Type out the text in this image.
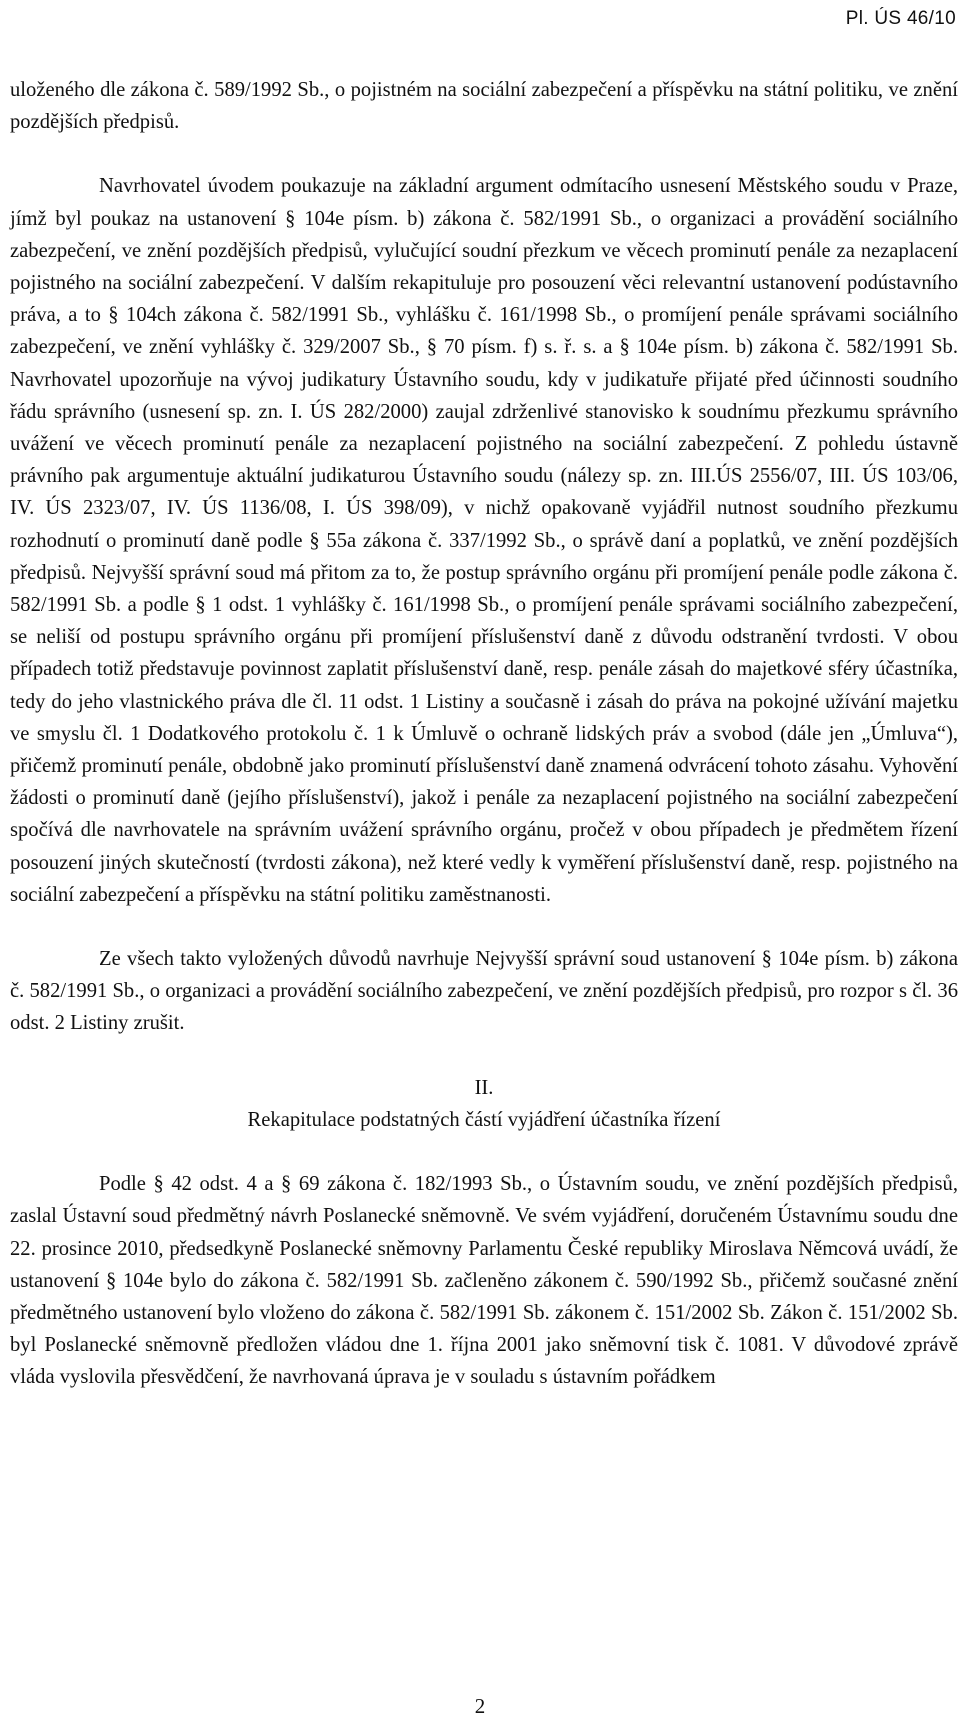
Pl. ÚS 46/10

uloženého dle zákona č. 589/1992 Sb., o pojistném na sociální zabezpečení a příspěvku na státní politiku, ve znění pozdějších předpisů.

Navrhovatel úvodem poukazuje na základní argument odmítacího usnesení Městského soudu v Praze, jímž byl poukaz na ustanovení § 104e písm. b) zákona č. 582/1991 Sb., o organizaci a provádění sociálního zabezpečení, ve znění pozdějších předpisů, vylučující soudní přezkum ve věcech prominutí penále za nezaplacení pojistného na sociální zabezpečení. V dalším rekapituluje pro posouzení věci relevantní ustanovení podústavního práva, a to § 104ch zákona č. 582/1991 Sb., vyhlášku č. 161/1998 Sb., o promíjení penále správami sociálního zabezpečení, ve znění vyhlášky č. 329/2007 Sb., § 70 písm. f) s. ř. s. a § 104e písm. b) zákona č. 582/1991 Sb. Navrhovatel upozorňuje na vývoj judikatury Ústavního soudu, kdy v judikatuře přijaté před účinnosti soudního řádu správního (usnesení sp. zn. I. ÚS 282/2000) zaujal zdrženlivé stanovisko k soudnímu přezkumu správního uvážení ve věcech prominutí penále za nezaplacení pojistného na sociální zabezpečení. Z pohledu ústavně právního pak argumentuje aktuální judikaturou Ústavního soudu (nálezy sp. zn. III.ÚS 2556/07, III. ÚS 103/06, IV. ÚS 2323/07, IV. ÚS 1136/08, I. ÚS 398/09), v nichž opakovaně vyjádřil nutnost soudního přezkumu rozhodnutí o prominutí daně podle § 55a zákona č. 337/1992 Sb., o správě daní a poplatků, ve znění pozdějších předpisů. Nejvyšší správní soud má přitom za to, že postup správního orgánu při promíjení penále podle zákona č. 582/1991 Sb. a podle § 1 odst. 1 vyhlášky č. 161/1998 Sb., o promíjení penále správami sociálního zabezpečení, se neliší od postupu správního orgánu při promíjení příslušenství daně z důvodu odstranění tvrdosti. V obou případech totiž představuje povinnost zaplatit příslušenství daně, resp. penále zásah do majetkové sféry účastníka, tedy do jeho vlastnického práva dle čl. 11 odst. 1 Listiny a současně i zásah do práva na pokojné užívání majetku ve smyslu čl. 1 Dodatkového protokolu č. 1 k Úmluvě o ochraně lidských práv a svobod (dále jen „Úmluva“), přičemž prominutí penále, obdobně jako prominutí příslušenství daně znamená odvrácení tohoto zásahu. Vyhovění žádosti o prominutí daně (jejího příslušenství), jakož i penále za nezaplacení pojistného na sociální zabezpečení spočívá dle navrhovatele na správním uvážení správního orgánu, pročež v obou případech je předmětem řízení posouzení jiných skutečností (tvrdosti zákona), než které vedly k vyměření příslušenství daně, resp. pojistného na sociální zabezpečení a příspěvku na státní politiku zaměstnanosti.

Ze všech takto vyložených důvodů navrhuje Nejvyšší správní soud ustanovení § 104e písm. b) zákona č. 582/1991 Sb., o organizaci a provádění sociálního zabezpečení, ve znění pozdějších předpisů, pro rozpor s čl. 36 odst. 2 Listiny zrušit.

II.

Rekapitulace podstatných částí vyjádření účastníka řízení

Podle § 42 odst. 4 a § 69 zákona č. 182/1993 Sb., o Ústavním soudu, ve znění pozdějších předpisů, zaslal Ústavní soud předmětný návrh Poslanecké sněmovně. Ve svém vyjádření, doručeném Ústavnímu soudu dne 22. prosince 2010, předsedkyně Poslanecké sněmovny Parlamentu České republiky Miroslava Němcová uvádí, že ustanovení § 104e bylo do zákona č. 582/1991 Sb. začleněno zákonem č. 590/1992 Sb., přičemž současné znění předmětného ustanovení bylo vloženo do zákona č. 582/1991 Sb. zákonem č. 151/2002 Sb. Zákon č. 151/2002 Sb. byl Poslanecké sněmovně předložen vládou dne 1. října 2001 jako sněmovní tisk č. 1081. V důvodové zprávě vláda vyslovila přesvědčení, že navrhovaná úprava je v souladu s ústavním pořádkem

2
